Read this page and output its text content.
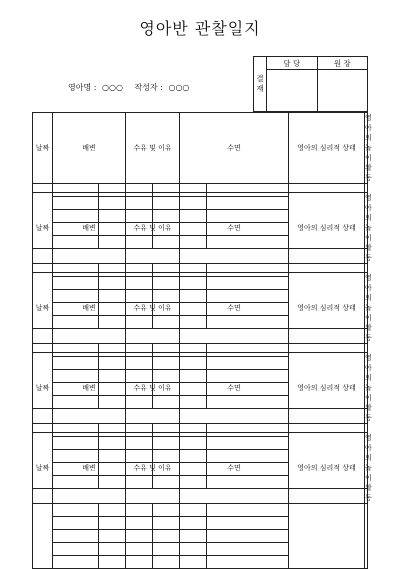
영아반 관찰일지
영아명 : ○○○ 작성자 : ○○○
결
재	담 당	원 장

날짜	배변		수유 및 이유		수면		영아의 심리적 상태	영아의 놀이활동

날짜	배변		수유 및 이유		수면		영아의 심리적 상태	영아의 놀이활동

날짜	배변		수유 및 이유		수면		영아의 심리적 상태	영아의 놀이활동

날짜	배변		수유 및 이유		수면		영아의 심리적 상태	영아의 놀이활동

날짜	배변		수유 및 이유		수면		영아의 심리적 상태	영아의 놀이활동
